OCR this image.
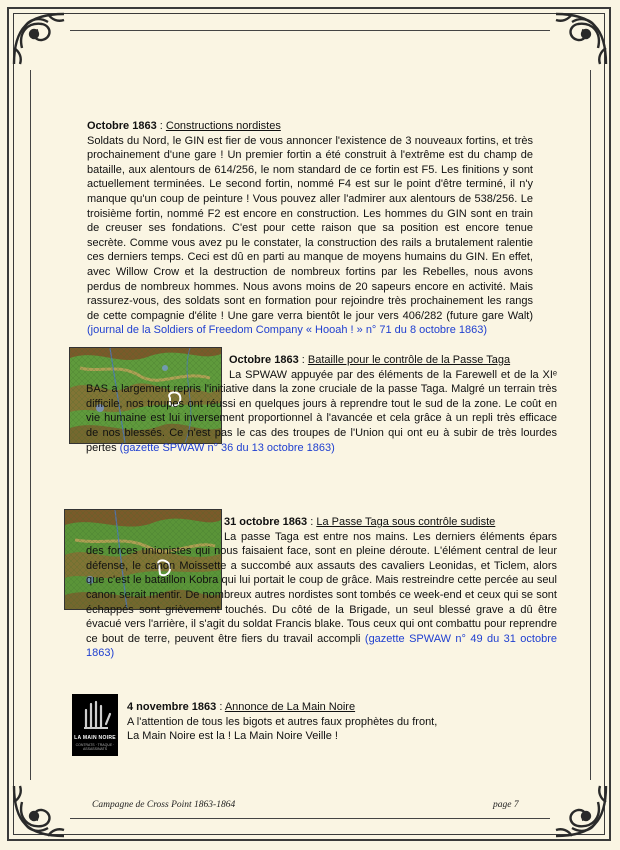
Octobre 1863 : Constructions nordistes
Soldats du Nord, le GIN est fier de vous annoncer l'existence de 3 nouveaux fortins, et très prochainement d'une gare ! Un premier fortin a été construit à l'extrême est du champ de bataille, aux alentours de 614/256, le nom standard de ce fortin est F5. Les finitions y sont actuellement terminées. Le second fortin, nommé F4 est sur le point d'être terminé, il n'y manque qu'un coup de peinture ! Vous pouvez aller l'admirer aux alentours de 538/256. Le troisième fortin, nommé F2 est encore en construction. Les hommes du GIN sont en train de creuser ses fondations. C'est pour cette raison que sa position est encore tenue secrète. Comme vous avez pu le constater, la construction des rails a brutalement ralentie ces derniers temps. Ceci est dû en parti au manque de moyens humains du GIN. En effet, avec Willow Crow et la destruction de nombreux fortins par les Rebelles, nous avons perdus de nombreux hommes. Nous avons moins de 20 sapeurs encore en activité. Mais rassurez-vous, des soldats sont en formation pour rejoindre très prochainement les rangs de cette compagnie d'élite ! Une gare verra bientôt le jour vers 406/282 (future gare Walt) (journal de la Soldiers of Freedom Company « Hooah ! » n° 71 du 8 octobre 1863)
Octobre 1863 : Bataille pour le contrôle de la Passe Taga
La SPWAW appuyée par des éléments de la Farewell et de la XIᵉ BAS a largement repris l'initiative dans la zone cruciale de la passe Taga. Malgré un terrain très difficile, nos troupes ont réussi en quelques jours à reprendre tout le sud de la zone. Le coût en vie humaine est lui inversement proportionnel à l'avancée et cela grâce à un repli très efficace de nos blessés. Ce n'est pas le cas des troupes de l'Union qui ont eu à subir de très lourdes pertes (gazette SPWAW n° 36 du 13 octobre 1863)
31 octobre 1863 : La Passe Taga sous contrôle sudiste
La passe Taga est entre nos mains. Les derniers éléments épars des forces unionistes qui nous faisaient face, sont en pleine déroute. L'élément central de leur défense, le canon Moissette a succombé aux assauts des cavaliers Leonidas, et Ticlem, alors que c'est le bataillon Kobra qui lui portait le coup de grâce. Mais restreindre cette percée au seul canon serait mentir. De nombreux autres nordistes sont tombés ce week-end et ceux qui se sont échappés sont grièvement touchés. Du côté de la Brigade, un seul blessé grave a dû être évacué vers l'arrière, il s'agit du soldat Francis blake. Tous ceux qui ont combattu pour reprendre ce bout de terre, peuvent être fiers du travail accompli (gazette SPWAW n° 49 du 31 octobre 1863)
LA MAIN NOIRE
CONTRATS · TRAQUE · ASSASSINATS
4 novembre 1863 : Annonce de La Main Noire
A l'attention de tous les bigots et autres faux prophètes du front,
La Main Noire est la ! La Main Noire Veille !
Campagne de Cross Point 1863-1864	page 7
